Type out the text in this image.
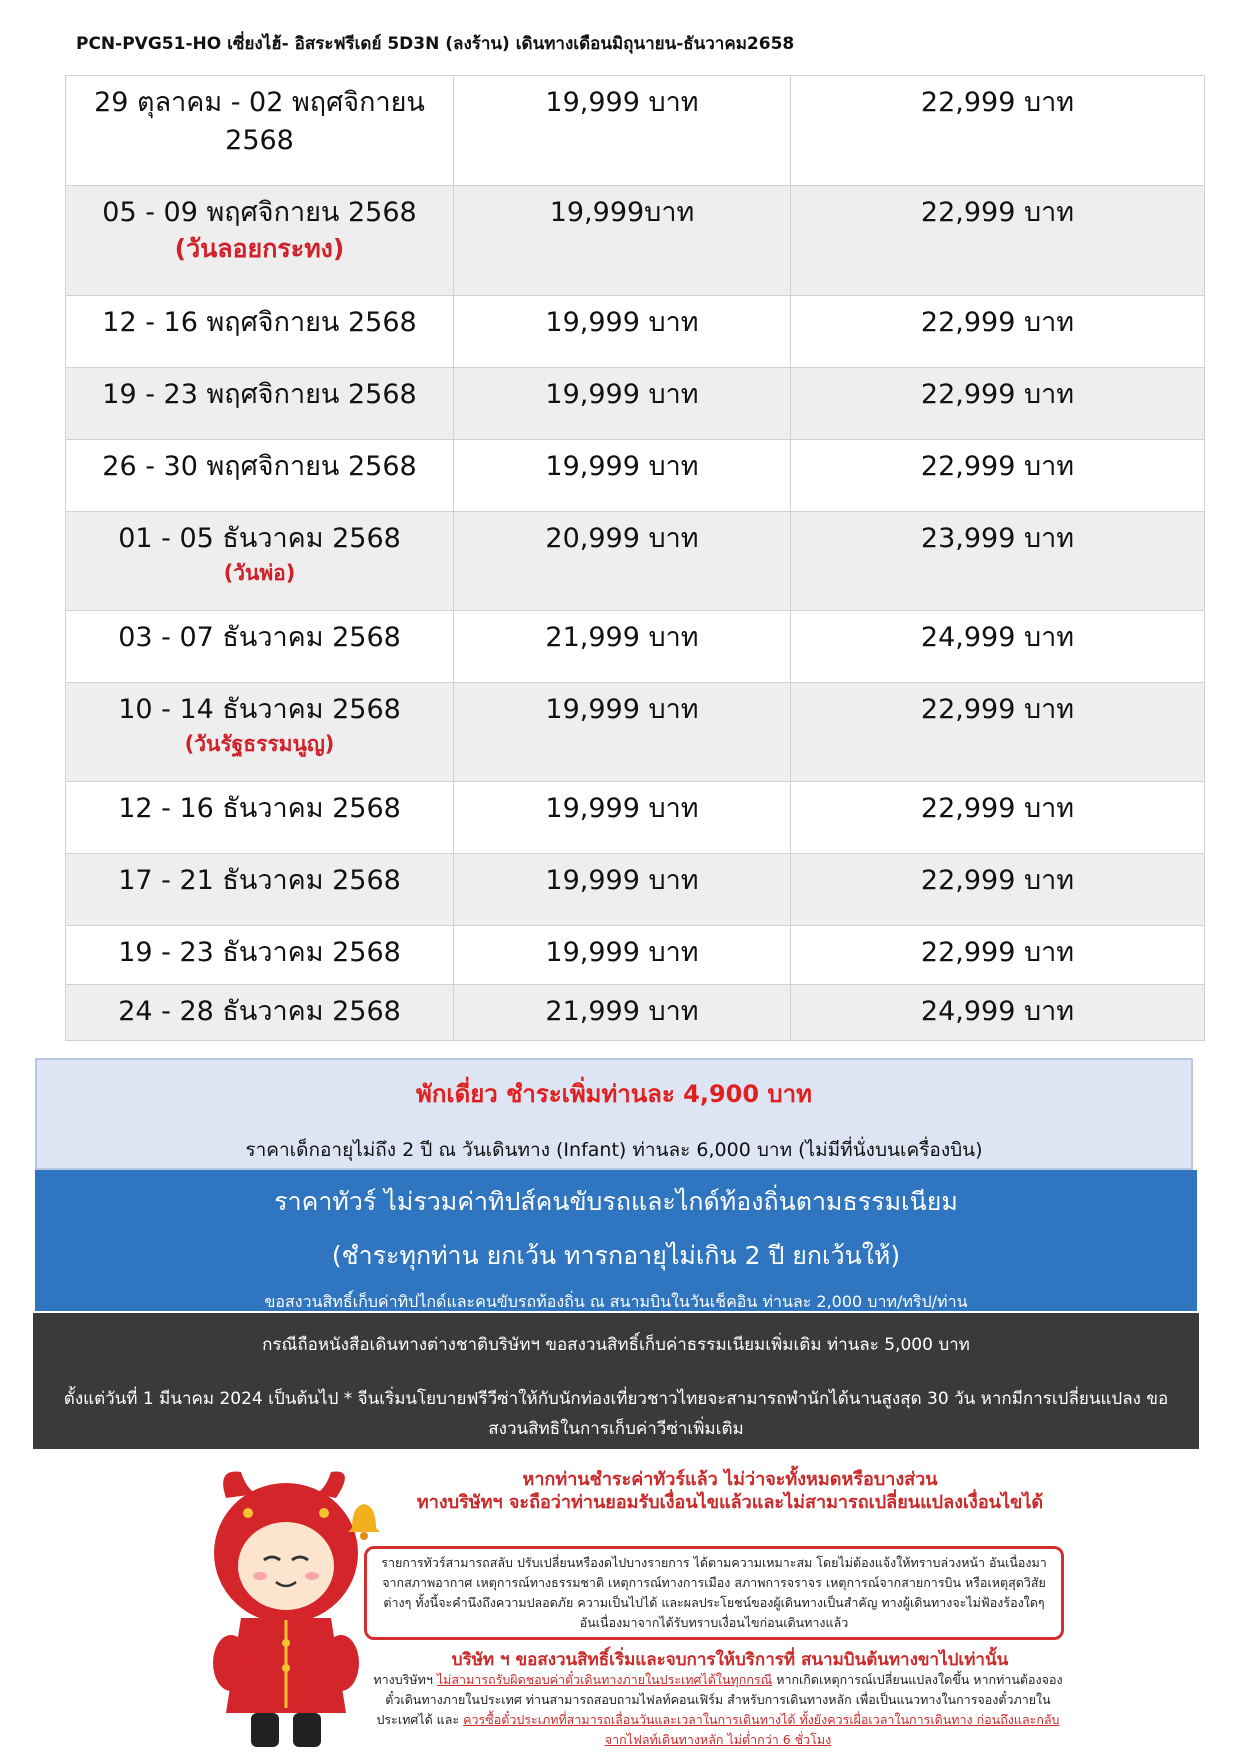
PCN-PVG51-HO เซี่ยงไฮ้- อิสระฟรีเดย์ 5D3N (ลงร้าน) เดินทางเดือนมิถุนายน-ธันวาคม2658
29 ตุลาคม - 02 พฤศจิกายน 2568	19,999 บาท	22,999 บาท

05 - 09 พฤศจิกายน 2568
(วันลอยกระทง)	19,999บาท	22,999 บาท
12 - 16 พฤศจิกายน 2568	19,999 บาท	22,999 บาท
19 - 23 พฤศจิกายน 2568	19,999 บาท	22,999 บาท
26 - 30 พฤศจิกายน 2568	19,999 บาท	22,999 บาท

01 - 05 ธันวาคม 2568
(วันพ่อ)	20,999 บาท	23,999 บาท
03 - 07 ธันวาคม 2568	21,999 บาท	24,999 บาท

10 - 14 ธันวาคม 2568
(วันรัฐธรรมนูญ)	19,999 บาท	22,999 บาท
12 - 16 ธันวาคม 2568	19,999 บาท	22,999 บาท
17 - 21 ธันวาคม 2568	19,999 บาท	22,999 บาท
19 - 23 ธันวาคม 2568	19,999 บาท	22,999 บาท
24 - 28 ธันวาคม 2568	21,999 บาท	24,999 บาท
พักเดี่ยว ชำระเพิ่มท่านละ 4,900 บาท
ราคาเด็กอายุไม่ถึง 2 ปี ณ วันเดินทาง (Infant) ท่านละ 6,000 บาท (ไม่มีที่นั่งบนเครื่องบิน)
ราคาทัวร์ ไม่รวมค่าทิปส์คนขับรถและไกด์ท้องถิ่นตามธรรมเนียม
(ชำระทุกท่าน ยกเว้น ทารกอายุไม่เกิน 2 ปี ยกเว้นให้)
ขอสงวนสิทธิ์เก็บค่าทิปไกด์และคนขับรถท้องถิ่น ณ สนามบินในวันเช็คอิน ท่านละ 2,000 บาท/ทริป/ท่าน
กรณีถือหนังสือเดินทางต่างชาติบริษัทฯ ขอสงวนสิทธิ์เก็บค่าธรรมเนียมเพิ่มเติม ท่านละ 5,000 บาท
ตั้งแต่วันที่ 1 มีนาคม 2024 เป็นต้นไป * จีนเริ่มนโยบายฟรีวีซ่าให้กับนักท่องเที่ยวชาวไทยจะสามารถพำนักได้นานสูงสุด 30 วัน หากมีการเปลี่ยนแปลง ขอสงวนสิทธิในการเก็บค่าวีซ่าเพิ่มเติม
หากท่านชำระค่าทัวร์แล้ว ไม่ว่าจะทั้งหมดหรือบางส่วน
ทางบริษัทฯ จะถือว่าท่านยอมรับเงื่อนไขแล้วและไม่สามารถเปลี่ยนแปลงเงื่อนไขได้
รายการทัวร์สามารถสลับ ปรับเปลี่ยนหรืองดไปบางรายการ ได้ตามความเหมาะสม โดยไม่ต้องแจ้งให้ทราบล่วงหน้า อันเนื่องมาจากสภาพอากาศ เหตุการณ์ทางธรรมชาติ เหตุการณ์ทางการเมือง สภาพการจราจร เหตุการณ์จากสายการบิน หรือเหตุสุดวิสัยต่างๆ ทั้งนี้จะคำนึงถึงความปลอดภัย ความเป็นไปได้ และผลประโยชน์ของผู้เดินทางเป็นสำคัญ ทางผู้เดินทางจะไม่ฟ้องร้องใดๆ อันเนื่องมาจากได้รับทราบเงื่อนไขก่อนเดินทางแล้ว
บริษัท ฯ ขอสงวนสิทธิ์เริ่มและจบการให้บริการที่ สนามบินต้นทางขาไปเท่านั้น
ทางบริษัทฯ ไม่สามารถรับผิดชอบค่าตั๋วเดินทางภายในประเทศได้ในทุกกรณี หากเกิดเหตุการณ์เปลี่ยนแปลงใดขึ้น หากท่านต้องจองตั๋วเดินทางภายในประเทศ ท่านสามารถสอบถามไฟลท์คอนเฟิร์ม สำหรับการเดินทางหลัก เพื่อเป็นแนวทางในการจองตั๋วภายในประเทศได้ และ ควรซื้อตั๋วประเภทที่สามารถเลื่อนวันและเวลาในการเดินทางได้ ทั้งยังควรเผื่อเวลาในการเดินทาง ก่อนถึงและกลับจากไฟลท์เดินทางหลัก ไม่ต่ำกว่า 6 ชั่วโมง
